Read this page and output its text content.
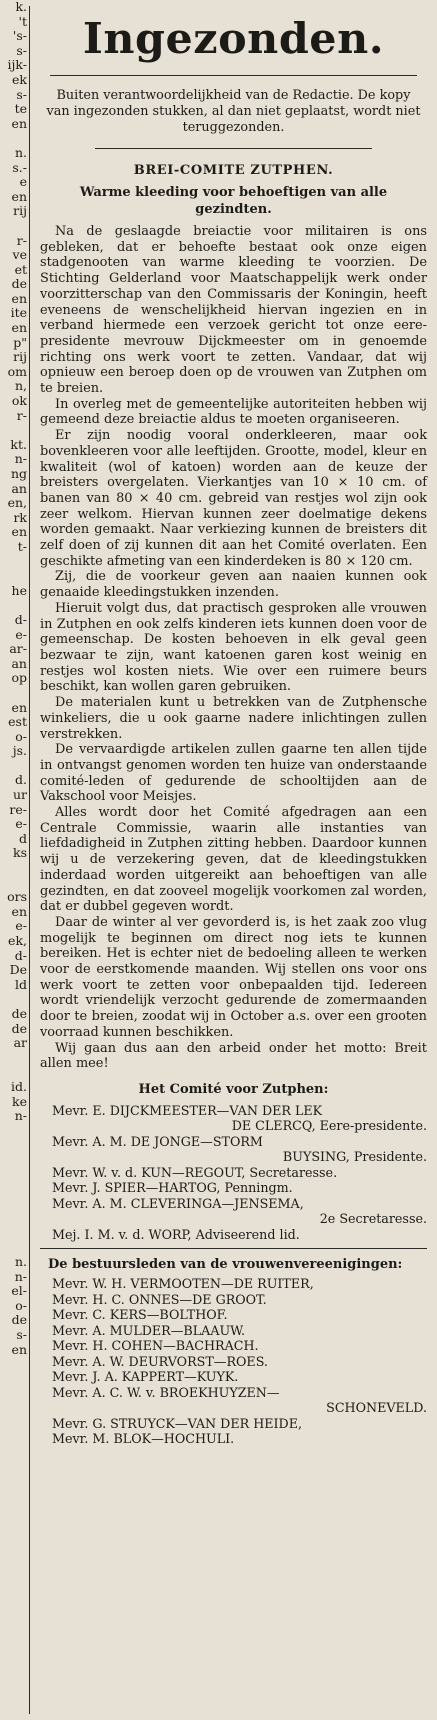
k.
't
's-
s-
ijk-
ek
s-
te
en
n.
s.-
e
en
rij
r-
ve
et
de
en
ite
en
p"
rij
om
n,
ok
r-
kt.
n-
ng
an
en,
rk
en
t-
he
d-
e-
ar-
an
op
en
est
o-
js.
d.
ur
re-
e-
d
ks
ors
en
e-
ek,
d-
De
ld
de
de
ar
id.
ke
n-
n.
n-
el-
o-
de
s-
en
Ingezonden.
Buiten verantwoordelijkheid van de Redactie. De kopy van ingezonden stukken, al dan niet geplaatst, wordt niet teruggezonden.
BREI-COMITE ZUTPHEN.
Warme kleeding voor behoeftigen van alle gezindten.

Na de geslaagde breiactie voor militairen is ons gebleken, dat er behoefte bestaat ook onze eigen stadgenooten van warme kleeding te voorzien. De Stichting Gelderland voor Maatschappelijk werk onder voorzitterschap van den Commissaris der Koningin, heeft eveneens de wenschelijkheid hiervan ingezien en in verband hiermede een verzoek gericht tot onze eere-presidente mevrouw Dijckmeester om in genoemde richting ons werk voort te zetten. Vandaar, dat wij opnieuw een beroep doen op de vrouwen van Zutphen om te breien.

In overleg met de gemeentelijke autoriteiten hebben wij gemeend deze breiactie aldus te moeten organiseeren.

Er zijn noodig vooral onderkleeren, maar ook bovenkleeren voor alle leeftijden. Grootte, model, kleur en kwaliteit (wol of katoen) worden aan de keuze der breisters overgelaten. Vierkantjes van 10 × 10 cm. of banen van 80 × 40 cm. gebreid van restjes wol zijn ook zeer welkom. Hiervan kunnen zeer doelmatige dekens worden gemaakt. Naar verkiezing kunnen de breisters dit zelf doen of zij kunnen dit aan het Comité overlaten. Een geschikte afmeting van een kinderdeken is 80 × 120 cm.

Zij, die de voorkeur geven aan naaien kunnen ook genaaide kleedingstukken inzenden.

Hieruit volgt dus, dat practisch gesproken alle vrouwen in Zutphen en ook zelfs kinderen iets kunnen doen voor de gemeenschap. De kosten behoeven in elk geval geen bezwaar te zijn, want katoenen garen kost weinig en restjes wol kosten niets. Wie over een ruimere beurs beschikt, kan wollen garen gebruiken.

De materialen kunt u betrekken van de Zutphensche winkeliers, die u ook gaarne nadere inlichtingen zullen verstrekken.

De vervaardigde artikelen zullen gaarne ten allen tijde in ontvangst genomen worden ten huize van onderstaande comité-leden of gedurende de schooltijden aan de Vakschool voor Meisjes.

Alles wordt door het Comité afgedragen aan een Centrale Commissie, waarin alle instanties van liefdadigheid in Zutphen zitting hebben. Daardoor kunnen wij u de verzekering geven, dat de kleedingstukken inderdaad worden uitgereikt aan behoeftigen van alle gezindten, en dat zooveel mogelijk voorkomen zal worden, dat er dubbel gegeven wordt.

Daar de winter al ver gevorderd is, is het zaak zoo vlug mogelijk te beginnen om direct nog iets te kunnen bereiken. Het is echter niet de bedoeling alleen te werken voor de eerstkomende maanden. Wij stellen ons voor ons werk voort te zetten voor onbepaalden tijd. Iedereen wordt vriendelijk verzocht gedurende de zomermaanden door te breien, zoodat wij in October a.s. over een grooten voorraad kunnen beschikken.

Wij gaan dus aan den arbeid onder het motto: Breit allen mee!

Het Comité voor Zutphen:
Mevr. E. DIJCKMEESTER—VAN DER LEK
DE CLERCQ, Eere-presidente.
Mevr. A. M. DE JONGE—STORM
BUYSING, Presidente.
Mevr. W. v. d. KUN—REGOUT, Secretaresse.
Mevr. J. SPIER—HARTOG, Penningm.
Mevr. A. M. CLEVERINGA—JENSEMA,
2e Secretaresse.
Mej. I. M. v. d. WORP, Adviseerend lid.
De bestuursleden van de vrouwenvereenigingen:
Mevr. W. H. VERMOOTEN—DE RUITER,
Mevr. H. C. ONNES—DE GROOT.
Mevr. C. KERS—BOLTHOF.
Mevr. A. MULDER—BLAAUW.
Mevr. H. COHEN—BACHRACH.
Mevr. A. W. DEURVORST—ROES.
Mevr. J. A. KAPPERT—KUYK.
Mevr. A. C. W. v. BROEKHUYZEN—
SCHONEVELD.
Mevr. G. STRUYCK—VAN DER HEIDE,
Mevr. M. BLOK—HOCHULI.
